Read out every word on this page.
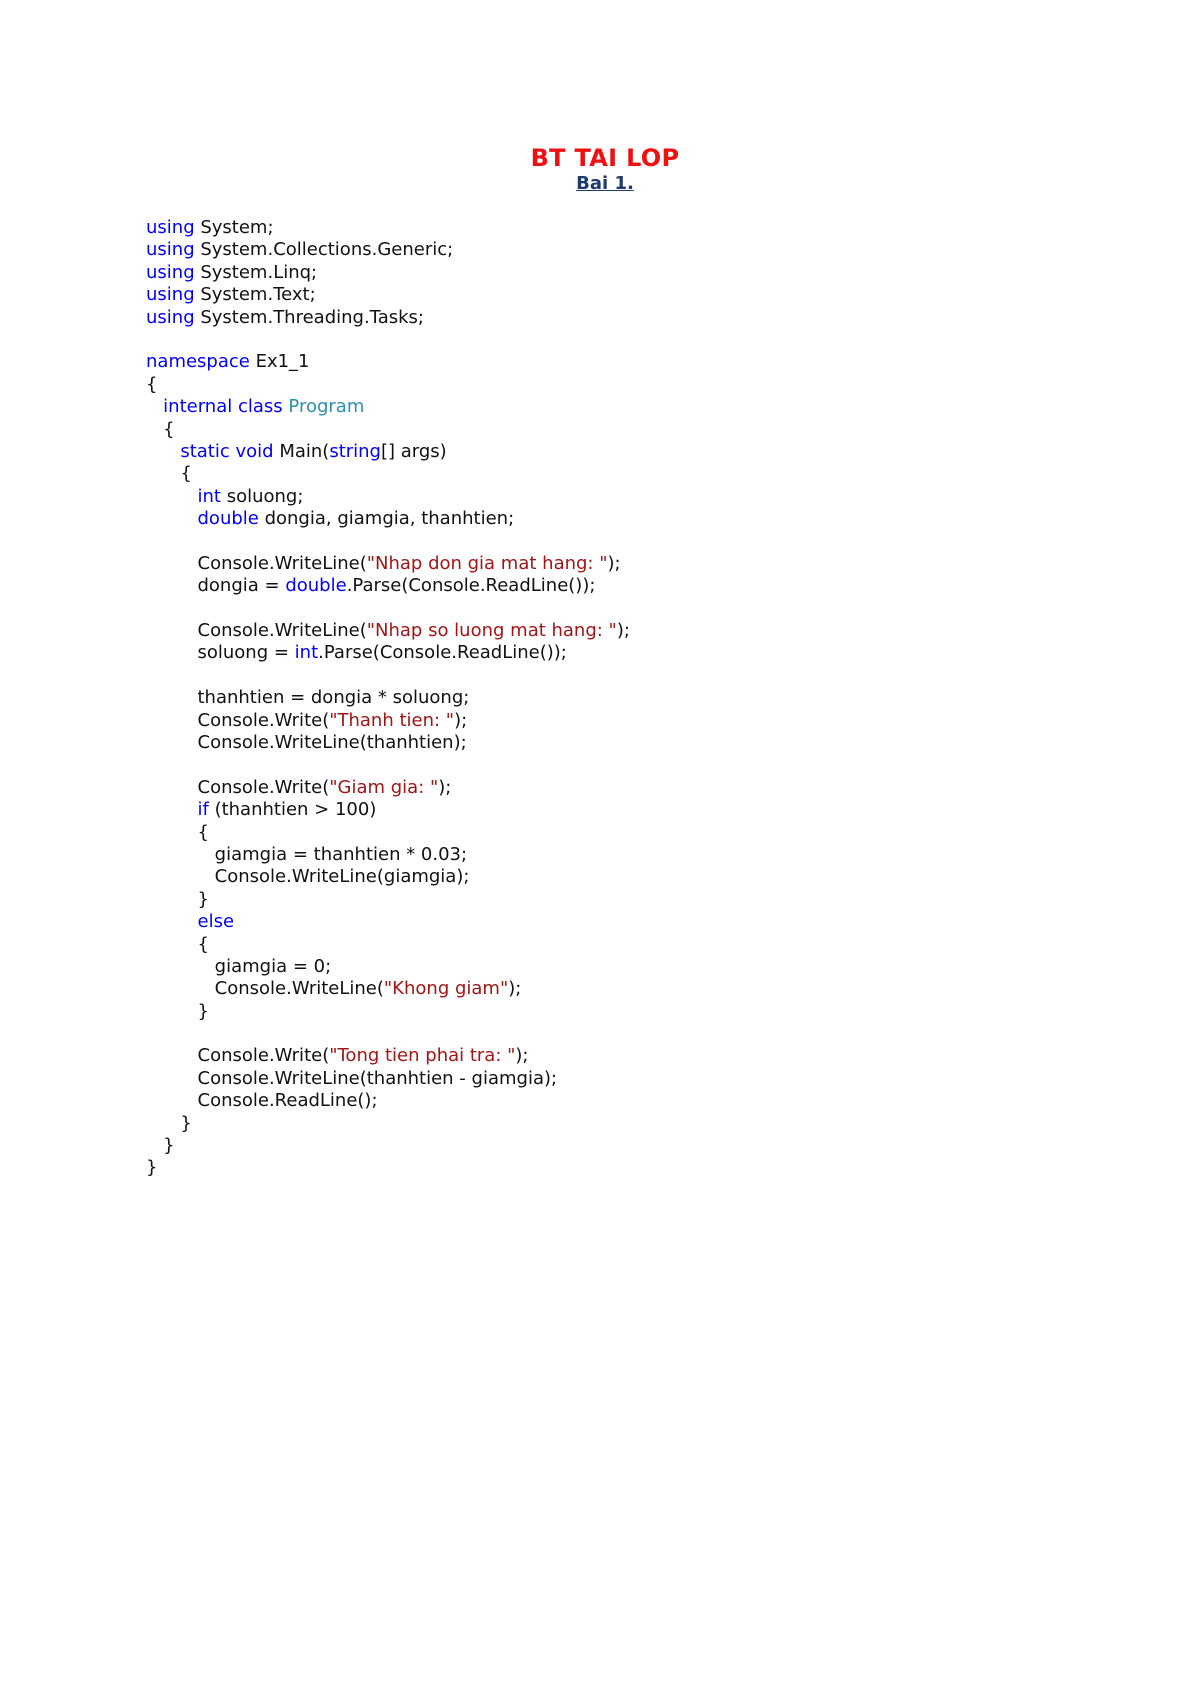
BT TAI LOP
Bai 1.
using System;
using System.Collections.Generic;
using System.Linq;
using System.Text;
using System.Threading.Tasks;
namespace Ex1_1
{
internal class Program
{
static void Main(string[] args)
{
int soluong;
double dongia, giamgia, thanhtien;
Console.WriteLine("Nhap don gia mat hang: ");
dongia = double.Parse(Console.ReadLine());
Console.WriteLine("Nhap so luong mat hang: ");
soluong = int.Parse(Console.ReadLine());
thanhtien = dongia * soluong;
Console.Write("Thanh tien: ");
Console.WriteLine(thanhtien);
Console.Write("Giam gia: ");
if (thanhtien > 100)
{
giamgia = thanhtien * 0.03;
Console.WriteLine(giamgia);
}
else
{
giamgia = 0;
Console.WriteLine("Khong giam");
}
Console.Write("Tong tien phai tra: ");
Console.WriteLine(thanhtien - giamgia);
Console.ReadLine();
}
}
}
